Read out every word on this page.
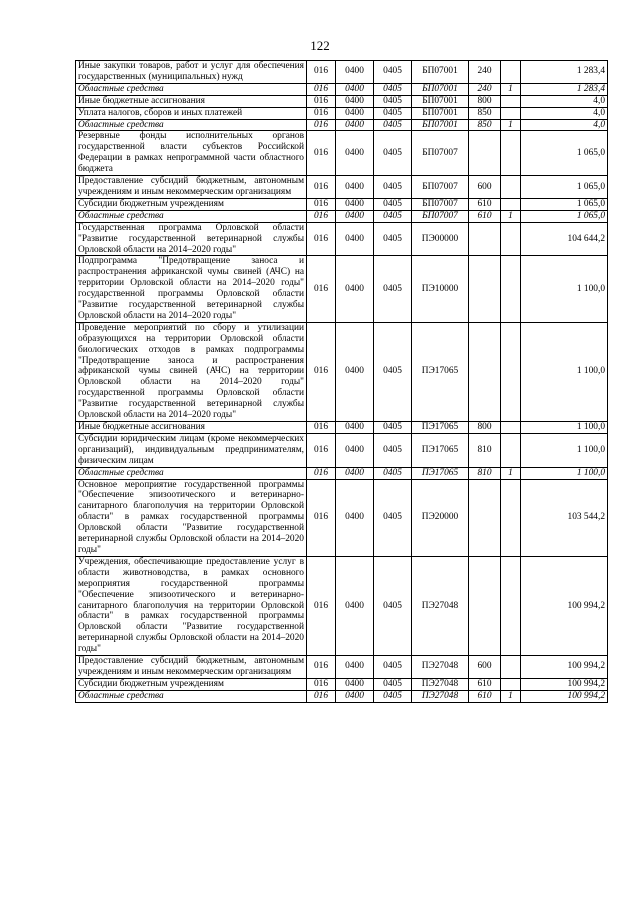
122
Иные закупки товаров, работ и услуг для обеспечения государственных (муниципальных) нужд	016	0400	0405	БП07001	240		1 283,4
Областные средства	016	0400	0405	БП07001	240	1	1 283,4
Иные бюджетные ассигнования	016	0400	0405	БП07001	800		4,0
Уплата налогов, сборов и иных платежей	016	0400	0405	БП07001	850		4,0
Областные средства	016	0400	0405	БП07001	850	1	4,0
Резервные фонды исполнительных органов государственной власти субъектов Российской Федерации в рамках непрограммной части областного бюджета	016	0400	0405	БП07007			1 065,0
Предоставление субсидий бюджетным, автономным учреждениям и иным некоммерческим организациям	016	0400	0405	БП07007	600		1 065,0
Субсидии бюджетным учреждениям	016	0400	0405	БП07007	610		1 065,0
Областные средства	016	0400	0405	БП07007	610	1	1 065,0
Государственная программа Орловской области "Развитие государственной ветеринарной службы Орловской области на 2014–2020 годы"	016	0400	0405	ПЭ00000			104 644,2
Подпрограмма "Предотвращение заноса и распространения африканской чумы свиней (АЧС) на территории Орловской области на 2014–2020 годы" государственной программы Орловской области "Развитие государственной ветеринарной службы Орловской области на 2014–2020 годы"	016	0400	0405	ПЭ10000			1 100,0
Проведение мероприятий по сбору и утилизации образующихся на территории Орловской области биологических отходов в рамках подпрограммы "Предотвращение заноса и распространения африканской чумы свиней (АЧС) на территории Орловской области на 2014–2020 годы" государственной программы Орловской области "Развитие государственной ветеринарной службы Орловской области на 2014–2020 годы"	016	0400	0405	ПЭ17065			1 100,0
Иные бюджетные ассигнования	016	0400	0405	ПЭ17065	800		1 100,0
Субсидии юридическим лицам (кроме некоммерческих организаций), индивидуальным предпринимателям, физическим лицам	016	0400	0405	ПЭ17065	810		1 100,0
Областные средства	016	0400	0405	ПЭ17065	810	1	1 100,0
Основное мероприятие государственной программы "Обеспечение эпизоотического и ветеринарно-санитарного благополучия на территории Орловской области" в рамках государственной программы Орловской области "Развитие государственной ветеринарной службы Орловской области на 2014–2020 годы"	016	0400	0405	ПЭ20000			103 544,2
Учреждения, обеспечивающие предоставление услуг в области животноводства, в рамках основного мероприятия государственной программы "Обеспечение эпизоотического и ветеринарно-санитарного благополучия на территории Орловской области" в рамках государственной программы Орловской области "Развитие государственной ветеринарной службы Орловской области на 2014–2020 годы"	016	0400	0405	ПЭ27048			100 994,2
Предоставление субсидий бюджетным, автономным учреждениям и иным некоммерческим организациям	016	0400	0405	ПЭ27048	600		100 994,2
Субсидии бюджетным учреждениям	016	0400	0405	ПЭ27048	610		100 994,2
Областные средства	016	0400	0405	ПЭ27048	610	1	100 994,2
